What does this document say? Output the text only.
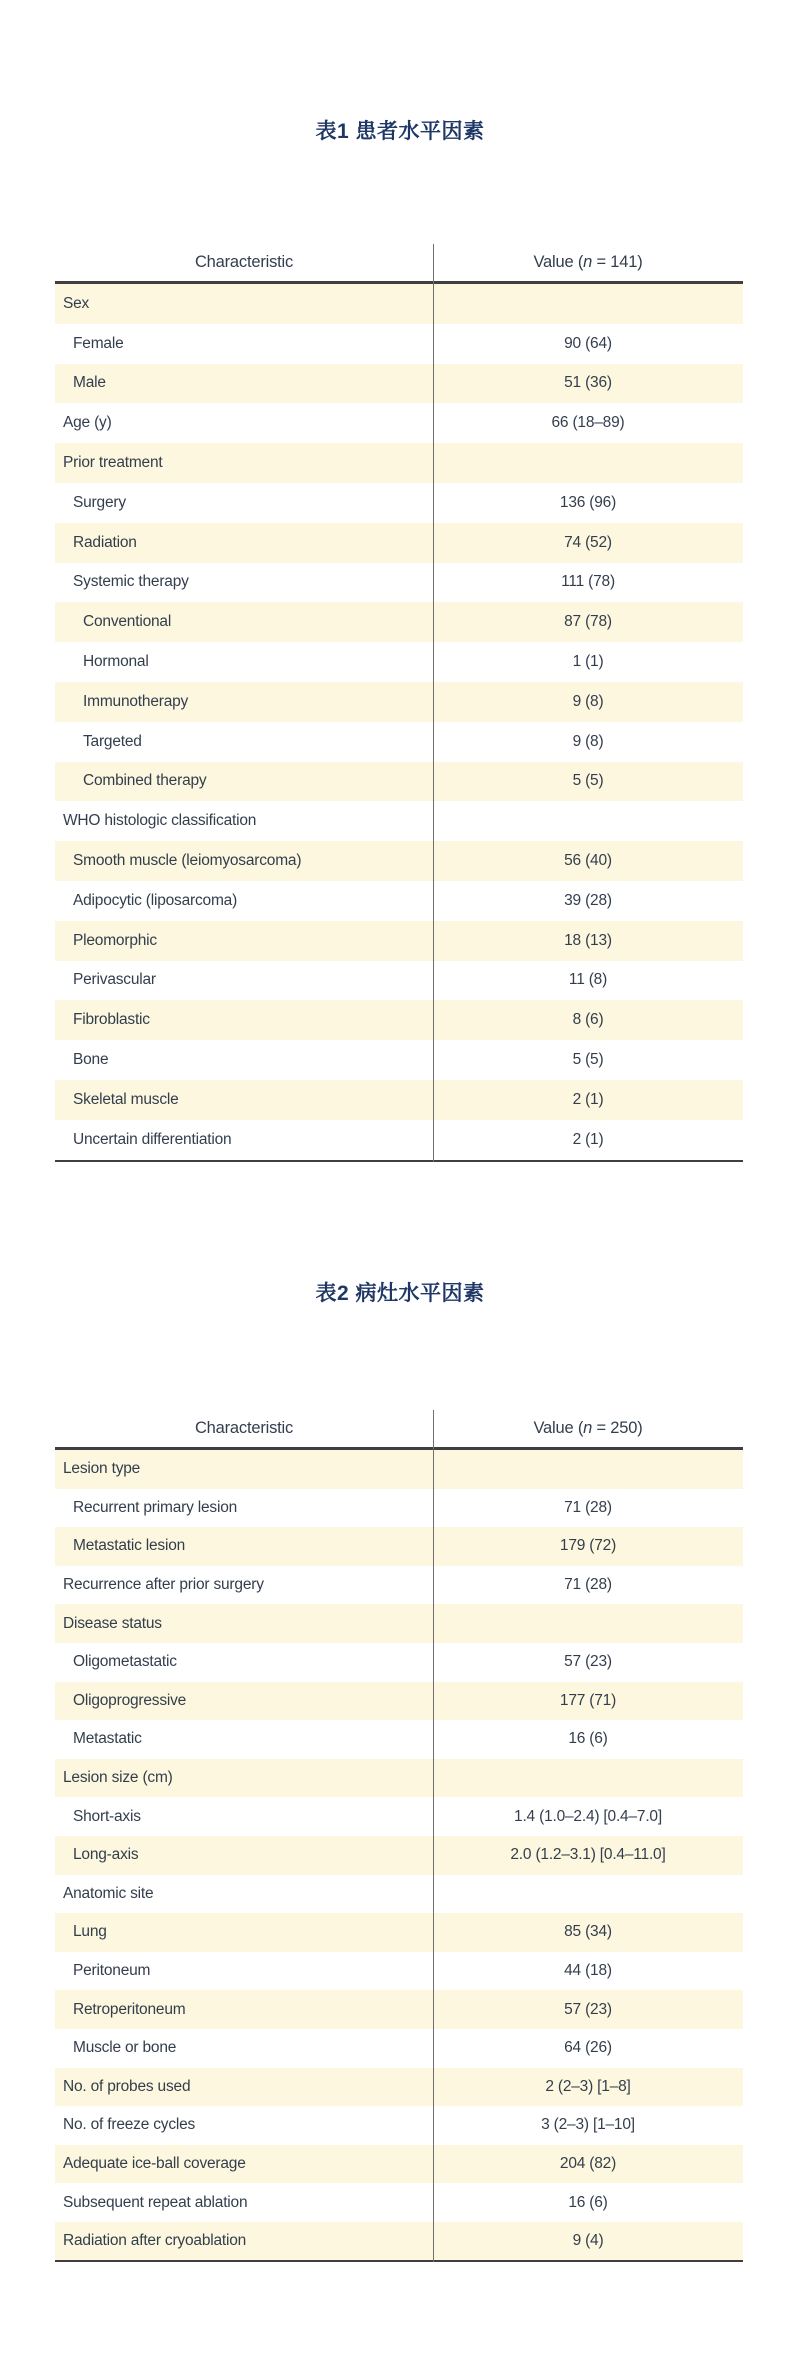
表1 患者水平因素
Characteristic	Value (n = 141)
Sex
Female	90 (64)
Male	51 (36)
Age (y)	66 (18–89)
Prior treatment
Surgery	136 (96)
Radiation	74 (52)
Systemic therapy	111 (78)
Conventional	87 (78)
Hormonal	1 (1)
Immunotherapy	9 (8)
Targeted	9 (8)
Combined therapy	5 (5)
WHO histologic classification
Smooth muscle (leiomyosarcoma)	56 (40)
Adipocytic (liposarcoma)	39 (28)
Pleomorphic	18 (13)
Perivascular	11 (8)
Fibroblastic	8 (6)
Bone	5 (5)
Skeletal muscle	2 (1)
Uncertain differentiation	2 (1)
表2 病灶水平因素
Characteristic	Value (n = 250)
Lesion type
Recurrent primary lesion	71 (28)
Metastatic lesion	179 (72)
Recurrence after prior surgery	71 (28)
Disease status
Oligometastatic	57 (23)
Oligoprogressive	177 (71)
Metastatic	16 (6)
Lesion size (cm)
Short-axis	1.4 (1.0–2.4) [0.4–7.0]
Long-axis	2.0 (1.2–3.1) [0.4–11.0]
Anatomic site
Lung	85 (34)
Peritoneum	44 (18)
Retroperitoneum	57 (23)
Muscle or bone	64 (26)
No. of probes used	2 (2–3) [1–8]
No. of freeze cycles	3 (2–3) [1–10]
Adequate ice-ball coverage	204 (82)
Subsequent repeat ablation	16 (6)
Radiation after cryoablation	9 (4)
